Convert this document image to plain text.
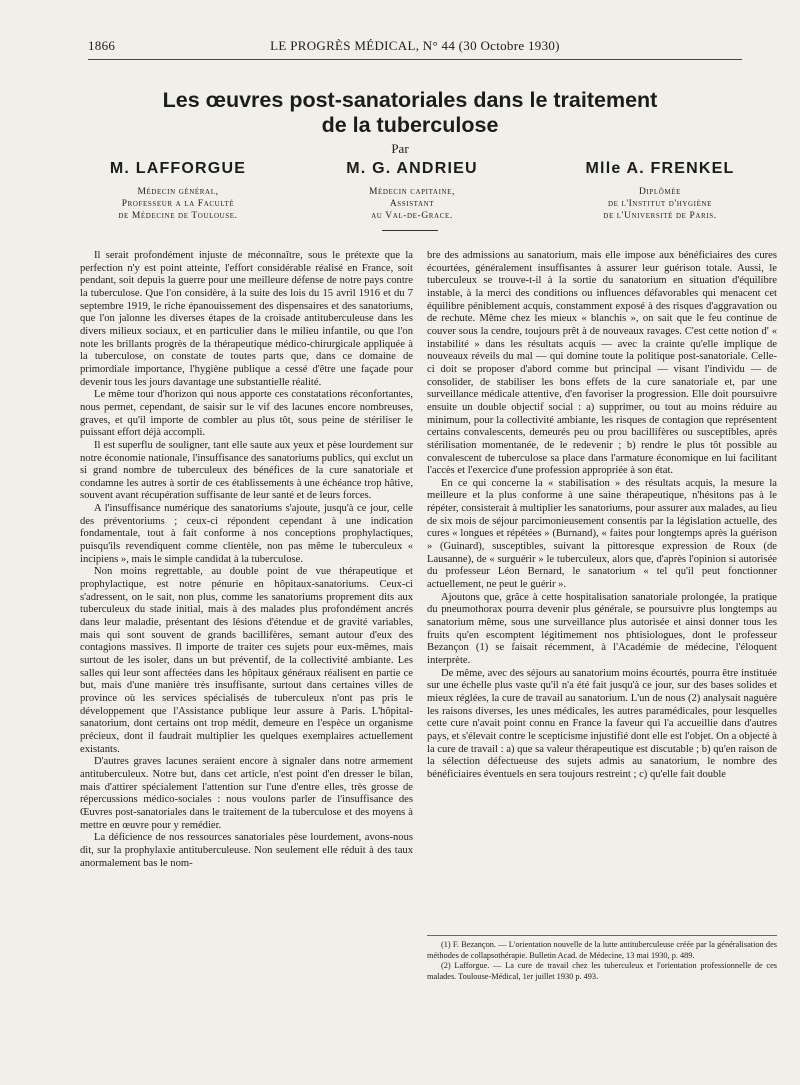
1866	LE PROGRÈS MÉDICAL, N° 44 (30 Octobre 1930)
Les œuvres post-sanatoriales dans le traitement
de la tuberculose
Par
M. LAFFORGUE
Médecin général,
Professeur a la Faculté
de Médecine de Toulouse.
M. G. ANDRIEU
Médecin capitaine,
Assistant
au Val-de-Grace.
Mlle A. FRENKEL
Diplômée
de l'Institut d'hygiène
de l'Université de Paris.

Il serait profondément injuste de méconnaître, sous le prétexte que la perfection n'y est point atteinte, l'effort considérable réalisé en France, soit pendant, soit depuis la guerre pour une meilleure défense de notre pays contre la tuberculose. Que l'on considère, à la suite des lois du 15 avril 1916 et du 7 septembre 1919, le riche épanouissement des dispensaires et des sanatoriums, que l'on jalonne les diverses étapes de la croisade antituberculeuse dans les divers milieux sociaux, et en particulier dans le milieu infantile, ou que l'on note les brillants progrès de la thérapeutique médico-chirurgicale appliquée à la tuberculose, on constate de toutes parts que, dans ce domaine de primordiale importance, l'hygiène publique a cessé d'être une façade pour devenir tous les jours davantage une substantielle réalité.

Le même tour d'horizon qui nous apporte ces constatations réconfortantes, nous permet, cependant, de saisir sur le vif des lacunes encore nombreuses, graves, et qu'il importe de combler au plus tôt, sous peine de stériliser le puissant effort déjà accompli.

Il est superflu de souligner, tant elle saute aux yeux et pèse lourdement sur notre économie nationale, l'insuffisance des sanatoriums publics, qui exclut un si grand nombre de tuberculeux des bénéfices de la cure sanatoriale et condamne les autres à sortir de ces établissements à une échéance trop hâtive, souvent avant récupération suffisante de leur santé et de leurs forces.

A l'insuffisance numérique des sanatoriums s'ajoute, jusqu'à ce jour, celle des préventoriums ; ceux-ci répondent cependant à une indication fondamentale, tout à fait conforme à nos conceptions prophylactiques, puisqu'ils revendiquent comme clientèle, non pas même le tuberculeux « incipiens », mais le simple candidat à la tuberculose.

Non moins regrettable, au double point de vue thérapeutique et prophylactique, est notre pénurie en hôpitaux-sanatoriums. Ceux-ci s'adressent, on le sait, non plus, comme les sanatoriums proprement dits aux tuberculeux du stade initial, mais à des malades plus profondément ancrés dans leur maladie, présentant des lésions d'étendue et de gravité variables, mais qui sont souvent de grands bacillifères, semant autour d'eux des contagions massives. Il importe de traiter ces sujets pour eux-mêmes, mais surtout de les isoler, dans un but préventif, de la collectivité ambiante. Les salles qui leur sont affectées dans les hôpitaux généraux réalisent en partie ce but, mais d'une manière très insuffisante, surtout dans certaines villes de province où les services spécialisés de tuberculeux n'ont pas pris le développement que l'Assistance publique leur assure à Paris. L'hôpital-sanatorium, dont certains ont trop médit, demeure en l'espèce un organisme précieux, dont il faudrait multiplier les quelques exemplaires actuellement existants.

D'autres graves lacunes seraient encore à signaler dans notre armement antituberculeux. Notre but, dans cet article, n'est point d'en dresser le bilan, mais d'attirer spécialement l'attention sur l'une d'entre elles, très grosse de répercussions médico-sociales : nous voulons parler de l'insuffisance des Œuvres post-sanatoriales dans le traitement de la tuberculose et des moyens à mettre en œuvre pour y remédier.

La déficience de nos ressources sanatoriales pèse lourdement, avons-nous dit, sur la prophylaxie antituberculeuse. Non seulement elle réduit à des taux anormalement bas le nom-

bre des admissions au sanatorium, mais elle impose aux bénéficiaires des cures écourtées, généralement insuffisantes à assurer leur guérison totale. Aussi, le tuberculeux se trouve-t-il à la sortie du sanatorium en situation d'équilibre instable, à la merci des conditions ou influences défavorables qui menacent cet équilibre péniblement acquis, constamment exposé à des risques d'aggravation ou de rechute. Même chez les mieux « blanchis », on sait que le feu continue de couver sous la cendre, toujours prêt à de nouveaux ravages. C'est cette notion d' « instabilité » dans les résultats acquis — avec la crainte qu'elle implique de nouveaux réveils du mal — qui domine toute la politique post-sanatoriale. Celle-ci doit se proposer d'abord comme but principal — visant l'individu — de consolider, de stabiliser les bons effets de la cure sanatoriale et, par une surveillance médicale attentive, d'en favoriser la progression. Elle doit poursuivre ensuite un double objectif social : a) supprimer, ou tout au moins réduire au minimum, pour la collectivité ambiante, les risques de contagion que représentent certains convalescents, demeurés peu ou prou bacillifères ou susceptibles, après stérilisation momentanée, de le redevenir ; b) rendre le plus tôt possible au convalescent de tuberculose sa place dans l'armature économique en lui facilitant l'accès et l'exercice d'une profession appropriée à son état.

En ce qui concerne la « stabilisation » des résultats acquis, la mesure la meilleure et la plus conforme à une saine thérapeutique, n'hésitons pas à le répéter, consisterait à multiplier les sanatoriums, pour assurer aux malades, au lieu de six mois de séjour parcimonieusement consentis par la législation actuelle, des cures « longues et répétées » (Burnand), « faites pour longtemps après la guérison » (Guinard), susceptibles, suivant la pittoresque expression de Roux (de Lausanne), de « surguérir » le tuberculeux, alors que, d'après l'opinion si autorisée du professeur Léon Bernard, le sanatorium « tel qu'il peut fonctionner actuellement, ne peut le guérir ».

Ajoutons que, grâce à cette hospitalisation sanatoriale prolongée, la pratique du pneumothorax pourra devenir plus générale, se poursuivre plus longtemps au sanatorium même, sous une surveillance plus autorisée et ainsi donner tous les fruits qu'en escomptent légitimement nos phtisiologues, dont le professeur Bezançon (1) se faisait récemment, à l'Académie de médecine, l'éloquent interprète.

De même, avec des séjours au sanatorium moins écourtés, pourra être instituée sur une échelle plus vaste qu'il n'a été fait jusqu'à ce jour, sur des bases solides et mieux réglées, la cure de travail au sanatorium. L'un de nous (2) analysait naguère les raisons diverses, les unes médicales, les autres paramédicales, pour lesquelles cette cure n'avait point connu en France la faveur qui l'a accueillie dans d'autres pays, et s'élevait contre le scepticisme injustifié dont elle est l'objet. On a objecté à la cure de travail : a) que sa valeur thérapeutique est discutable ; b) qu'en raison de la sélection défectueuse des sujets admis au sanatorium, le nombre des bénéficiaires éventuels en sera toujours restreint ; c) qu'elle fait double

(1) F. Bezançon. — L'orientation nouvelle de la lutte antituberculeuse créée par la généralisation des méthodes de collapsothérapie. Bulletin Acad. de Médecine, 13 mai 1930, p. 489.

(2) Lafforgue. — La cure de travail chez les tuberculeux et l'orientation professionnelle de ces malades. Toulouse-Médical, 1er juillet 1930 p. 493.
